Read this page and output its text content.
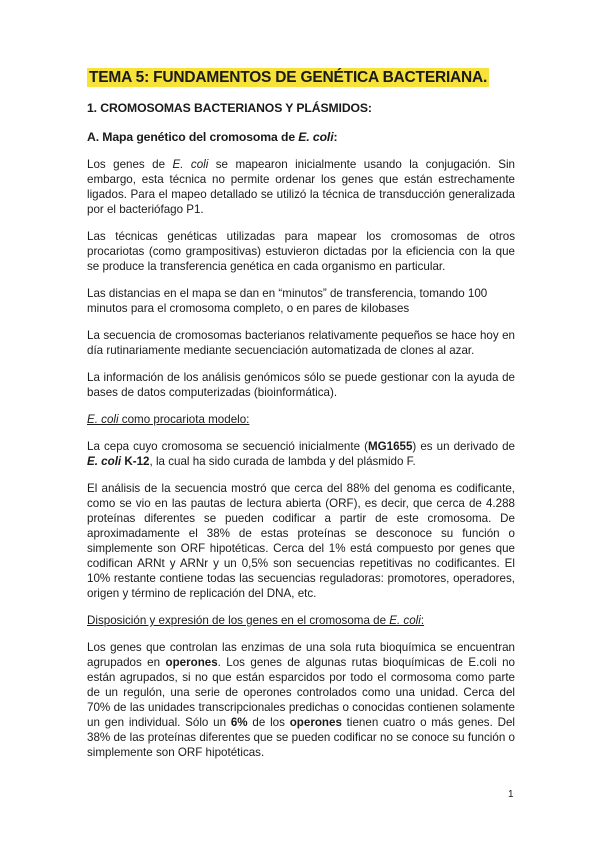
TEMA 5: FUNDAMENTOS DE GENÉTICA BACTERIANA.
1. CROMOSOMAS BACTERIANOS Y PLÁSMIDOS:
A. Mapa genético del cromosoma de E. coli:

Los genes de E. coli se mapearon inicialmente usando la conjugación. Sin embargo, esta técnica no permite ordenar los genes que están estrechamente ligados. Para el mapeo detallado se utilizó la técnica de transducción generalizada por el bacteriófago P1.

Las técnicas genéticas utilizadas para mapear los cromosomas de otros procariotas (como grampositivas) estuvieron dictadas por la eficiencia con la que se produce la transferencia genética en cada organismo en particular.

Las distancias en el mapa se dan en “minutos” de transferencia, tomando 100 minutos para el cromosoma completo, o en pares de kilobases

La secuencia de cromosomas bacterianos relativamente pequeños se hace hoy en día rutinariamente mediante secuenciación automatizada de clones al azar.

La información de los análisis genómicos sólo se puede gestionar con la ayuda de bases de datos computerizadas (bioinformática).

E. coli como procariota modelo:

La cepa cuyo cromosoma se secuenció inicialmente (MG1655) es un derivado de E. coli K-12, la cual ha sido curada de lambda y del plásmido F.

El análisis de la secuencia mostró que cerca del 88% del genoma es codificante, como se vio en las pautas de lectura abierta (ORF), es decir, que cerca de 4.288 proteínas diferentes se pueden codificar a partir de este cromosoma. De aproximadamente el 38% de estas proteínas se desconoce su función o simplemente son ORF hipotéticas. Cerca del 1% está compuesto por genes que codifican ARNt y ARNr y un 0,5% son secuencias repetitivas no codificantes. El 10% restante contiene todas las secuencias reguladoras: promotores, operadores, origen y término de replicación del DNA, etc.

Disposición y expresión de los genes en el cromosoma de E. coli:

Los genes que controlan las enzimas de una sola ruta bioquímica se encuentran agrupados en operones. Los genes de algunas rutas bioquímicas de E.coli no están agrupados, si no que están esparcidos por todo el cormosoma como parte de un regulón, una serie de operones controlados como una unidad. Cerca del 70% de las unidades transcripcionales predichas o conocidas contienen solamente un gen individual. Sólo un 6% de los operones tienen cuatro o más genes. Del 38% de las proteínas diferentes que se pueden codificar no se conoce su función o simplemente son ORF hipotéticas.

1
